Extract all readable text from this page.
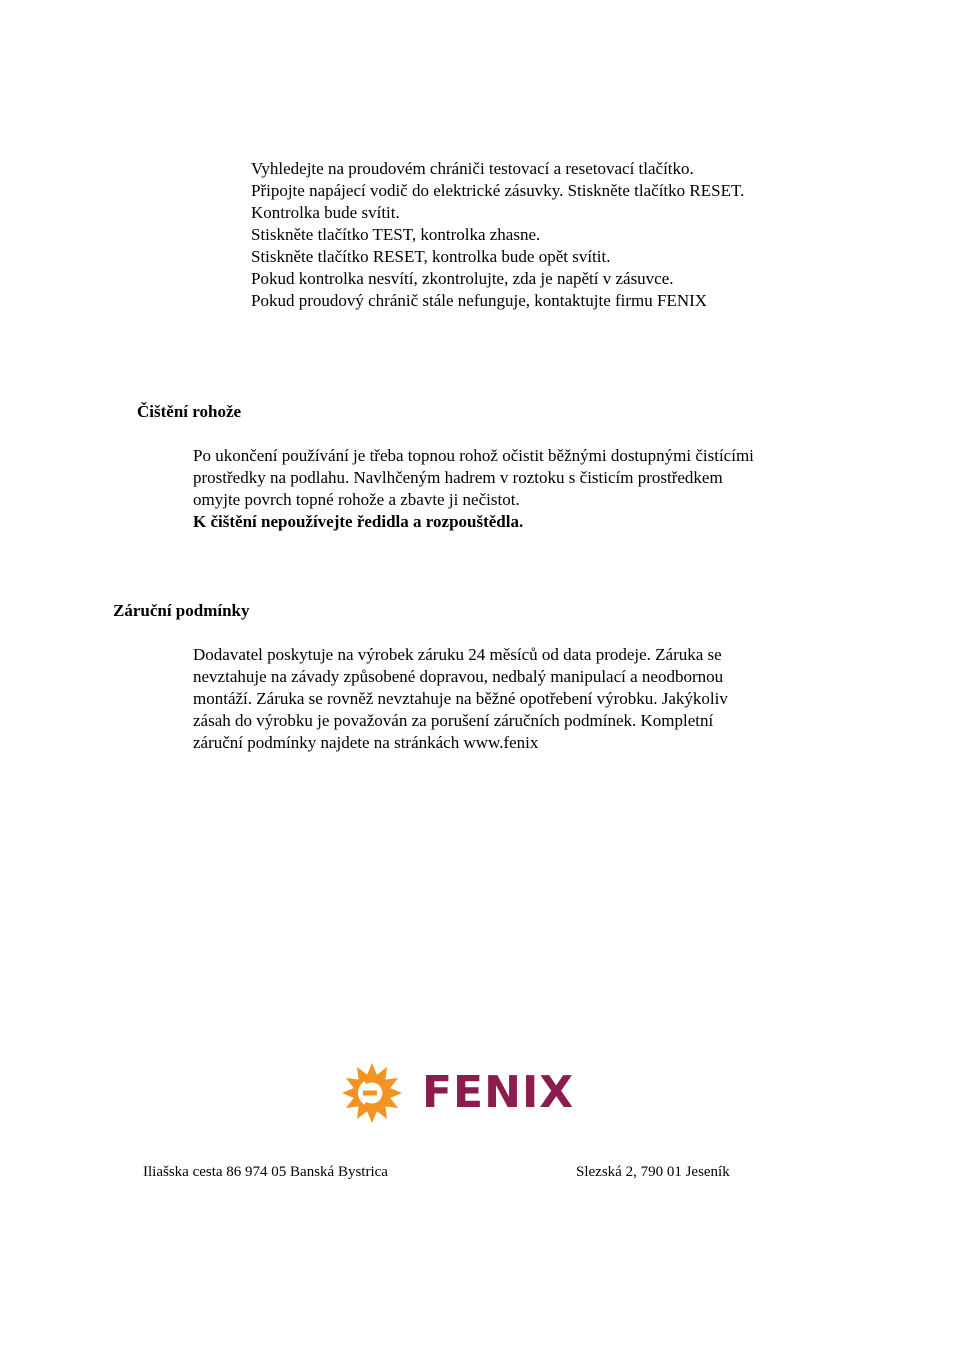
Vyhledejte na proudovém chrániči testovací a resetovací tlačítko.
Připojte napájecí vodič do elektrické zásuvky. Stiskněte tlačítko RESET.
Kontrolka bude svítit.
Stiskněte tlačítko TEST, kontrolka zhasne.
Stiskněte tlačítko RESET, kontrolka bude opět svítit.
Pokud kontrolka nesvítí, zkontrolujte, zda je napětí v zásuvce.
Pokud proudový chránič stále nefunguje, kontaktujte firmu FENIX
Čištění rohože
Po ukončení používání je třeba topnou rohož očistit běžnými dostupnými čistícími
prostředky na podlahu. Navlhčeným hadrem v roztoku s čisticím prostředkem
omyjte povrch topné rohože a zbavte ji nečistot.
K čištění nepoužívejte ředidla a rozpouštědla.
Záruční podmínky
Dodavatel poskytuje na výrobek záruku 24 měsíců od data prodeje. Záruka se
nevztahuje na závady způsobené dopravou, nedbalý manipulací a neodbornou
montáží. Záruka se rovněž nevztahuje na běžné opotřebení výrobku. Jakýkoliv
zásah do výrobku je považován za porušení záručních podmínek. Kompletní
záruční podmínky najdete na stránkách www.fenix
FENIX
Iliašska cesta 86 974 05 Banská Bystrica	Slezská 2, 790 01 Jeseník
